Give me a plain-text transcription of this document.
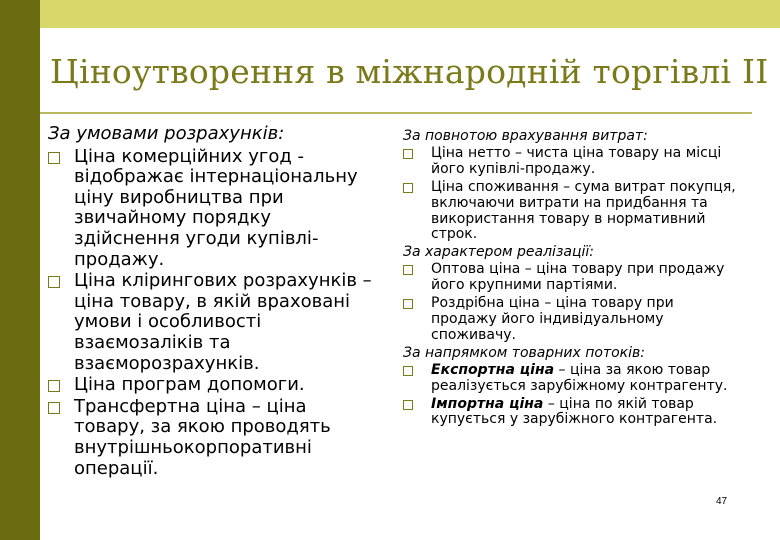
Ціноутворення в міжнародній торгівлі ІІ
За умовами розрахунків:
Ціна комерційних угод - відображає інтернаціональну ціну виробництва при звичайному порядку здійснення угоди купівлі-продажу.
Ціна клірингових розрахунків – ціна товару, в якій враховані умови і особливості взаємозаліків та взаєморозрахунків.
Ціна програм допомоги.
Трансфертна ціна – ціна товару, за якою проводять внутрішньокорпоративні операції.
За повнотою врахування витрат:
Ціна нетто – чиста ціна товару на місці його купівлі-продажу.
Ціна споживання – сума витрат покупця, включаючи витрати на придбання та використання товару в нормативний строк.
За характером реалізації:
Оптова ціна – ціна товару при продажу його крупними партіями.
Роздрібна ціна – ціна товару при продажу його індивідуальному споживачу.
За напрямком товарних потоків:
Експортна ціна – ціна за якою товар реалізується зарубіжному контрагенту.
Імпортна ціна – ціна по якій товар купується у зарубіжного контрагента.
47
